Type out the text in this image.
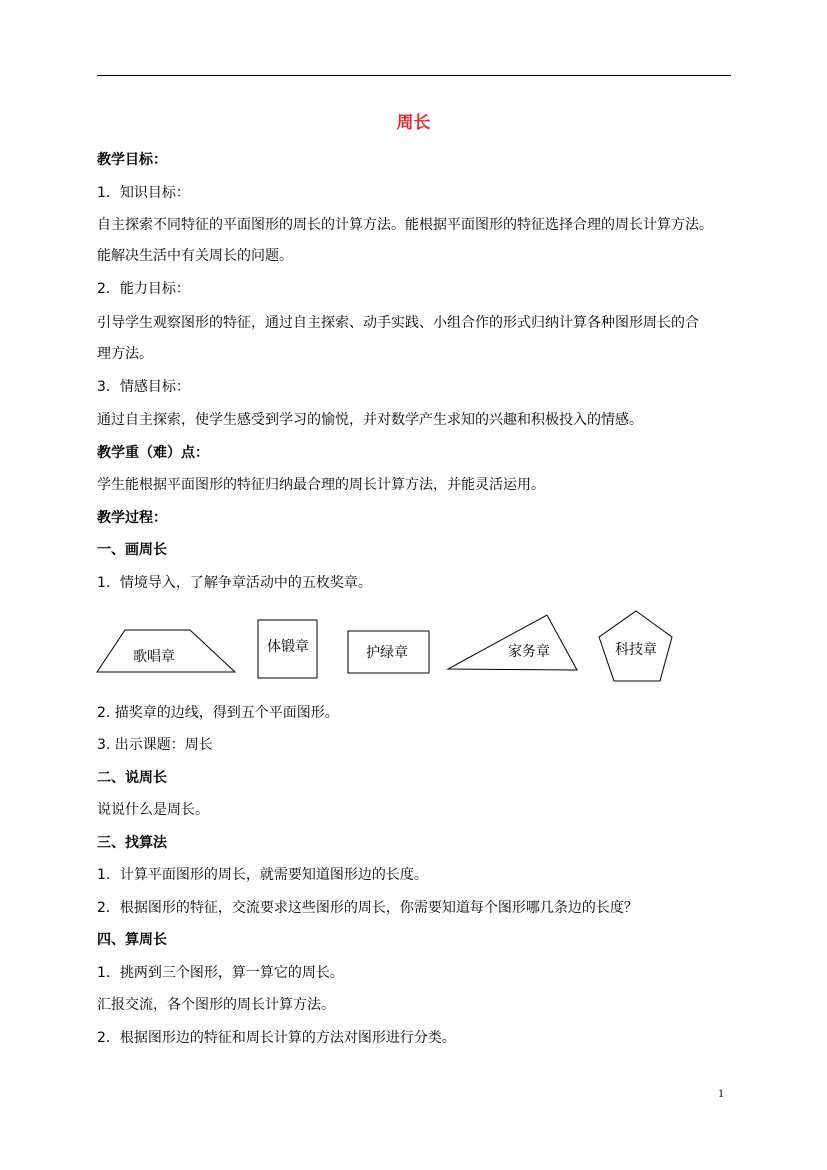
周长
教学目标：
1．知识目标：
自主探索不同特征的平面图形的周长的计算方法。能根据平面图形的特征选择合理的周长计算方法。
能解决生活中有关周长的问题。
2．能力目标：
引导学生观察图形的特征，通过自主探索、动手实践、小组合作的形式归纳计算各种图形周长的合
理方法。
3．情感目标：
通过自主探索，使学生感受到学习的愉悦，并对数学产生求知的兴趣和积极投入的情感。
教学重（难）点：
学生能根据平面图形的特征归纳最合理的周长计算方法，并能灵活运用。
教学过程：
一、画周长
1．情境导入，了解争章活动中的五枚奖章。
歌唱章
体锻章	护绿章	家务章	科技章
2. 描奖章的边线，得到五个平面图形。
3. 出示课题：周长
二、说周长
说说什么是周长。
三、找算法
1．计算平面图形的周长，就需要知道图形边的长度。
2．根据图形的特征，交流要求这些图形的周长，你需要知道每个图形哪几条边的长度？
四、算周长
1．挑两到三个图形，算一算它的周长。
汇报交流，各个图形的周长计算方法。
2．根据图形边的特征和周长计算的方法对图形进行分类。
1
